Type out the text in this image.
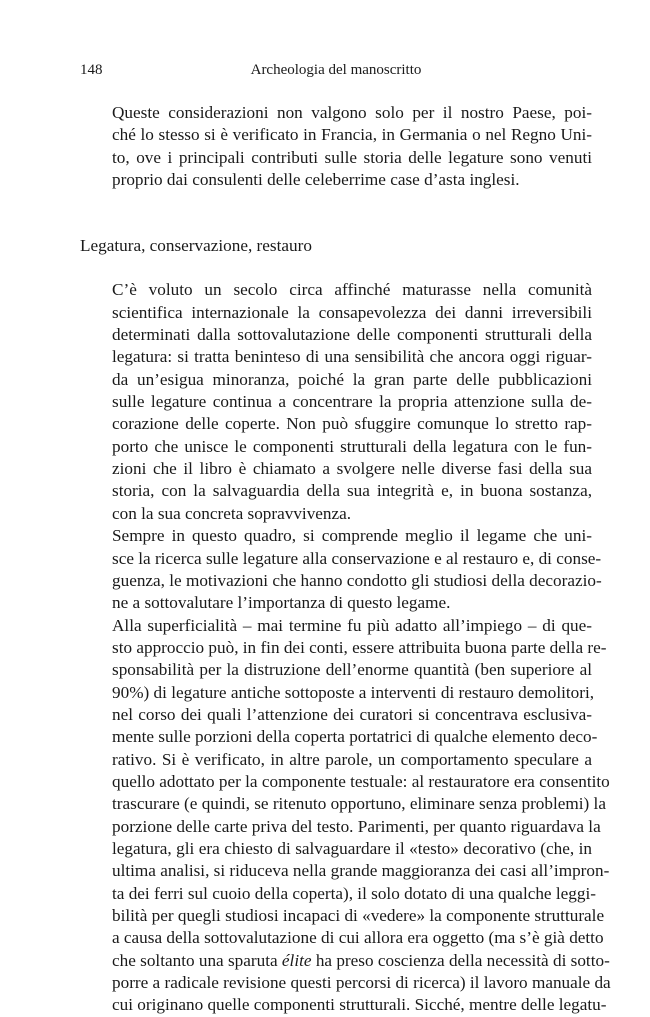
148	Archeologia del manoscritto

Queste considerazioni non valgono solo per il nostro Paese, poi-
ché lo stesso si è verificato in Francia, in Germania o nel Regno Uni-
to, ove i principali contributi sulle storia delle legature sono venuti
proprio dai consulenti delle celeberrime case d’asta inglesi.

Legatura, conservazione, restauro

C’è voluto un secolo circa affinché maturasse nella comunità
scientifica internazionale la consapevolezza dei danni irreversibili
determinati dalla sottovalutazione delle componenti strutturali della
legatura: si tratta beninteso di una sensibilità che ancora oggi riguar-
da un’esigua minoranza, poiché la gran parte delle pubblicazioni
sulle legature continua a concentrare la propria attenzione sulla de-
corazione delle coperte. Non può sfuggire comunque lo stretto rap-
porto che unisce le componenti strutturali della legatura con le fun-
zioni che il libro è chiamato a svolgere nelle diverse fasi della sua
storia, con la salvaguardia della sua integrità e, in buona sostanza,
con la sua concreta sopravvivenza.

Sempre in questo quadro, si comprende meglio il legame che uni-
sce la ricerca sulle legature alla conservazione e al restauro e, di conse-
guenza, le motivazioni che hanno condotto gli studiosi della decorazio-
ne a sottovalutare l’importanza di questo legame.

Alla superficialità – mai termine fu più adatto all’impiego – di que-
sto approccio può, in fin dei conti, essere attribuita buona parte della re-
sponsabilità per la distruzione dell’enorme quantità (ben superiore al
90%) di legature antiche sottoposte a interventi di restauro demolitori,
nel corso dei quali l’attenzione dei curatori si concentrava esclusiva-
mente sulle porzioni della coperta portatrici di qualche elemento deco-
rativo. Si è verificato, in altre parole, un comportamento speculare a
quello adottato per la componente testuale: al restauratore era consentito
trascurare (e quindi, se ritenuto opportuno, eliminare senza problemi) la
porzione delle carte priva del testo. Parimenti, per quanto riguardava la
legatura, gli era chiesto di salvaguardare il «testo» decorativo (che, in
ultima analisi, si riduceva nella grande maggioranza dei casi all’impron-
ta dei ferri sul cuoio della coperta), il solo dotato di una qualche leggi-
bilità per quegli studiosi incapaci di «vedere» la componente strutturale
a causa della sottovalutazione di cui allora era oggetto (ma s’è già detto
che soltanto una sparuta élite ha preso coscienza della necessità di sotto-
porre a radicale revisione questi percorsi di ricerca) il lavoro manuale da
cui originano quelle componenti strutturali. Sicché, mentre delle legatu-
